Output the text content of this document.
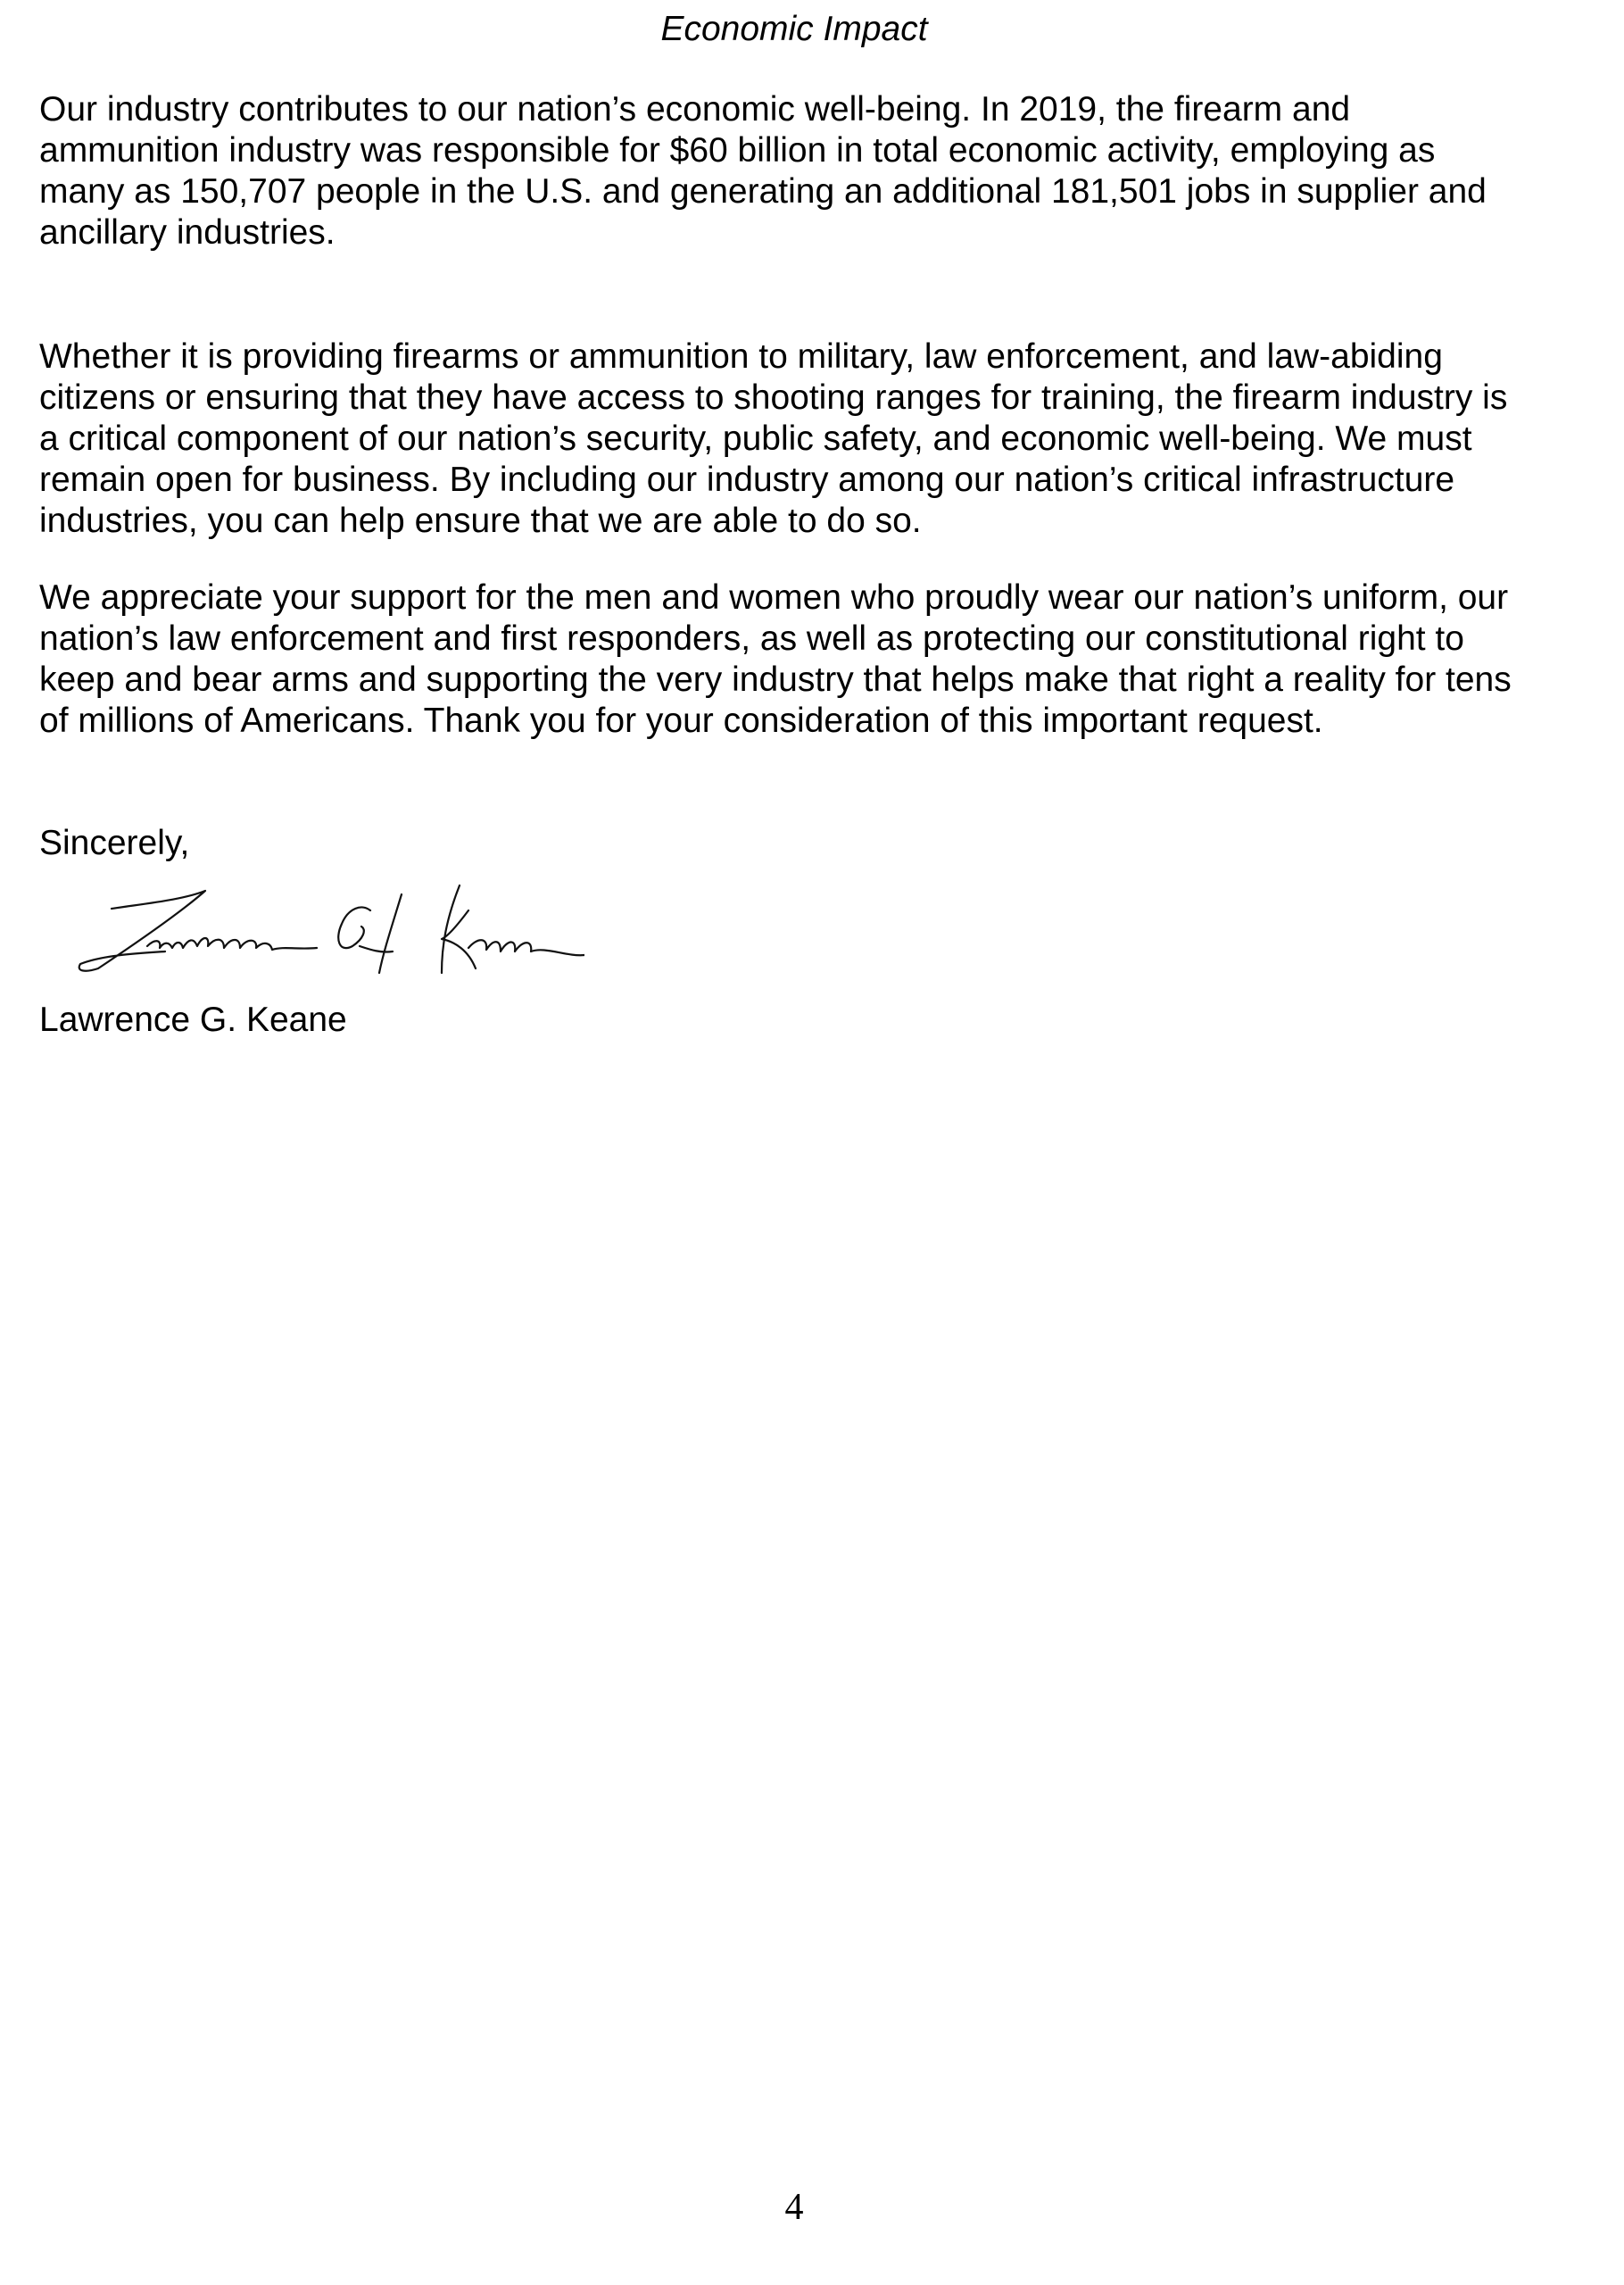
Economic Impact
Our industry contributes to our nation’s economic well-being. In 2019, the firearm and
ammunition industry was responsible for $60 billion in total economic activity, employing as
many as 150,707 people in the U.S. and generating an additional 181,501 jobs in supplier and
ancillary industries.
Whether it is providing firearms or ammunition to military, law enforcement, and law-abiding
citizens or ensuring that they have access to shooting ranges for training, the firearm industry is
a critical component of our nation’s security, public safety, and economic well-being. We must
remain open for business. By including our industry among our nation’s critical infrastructure
industries, you can help ensure that we are able to do so.
We appreciate your support for the men and women who proudly wear our nation’s uniform, our
nation’s law enforcement and first responders, as well as protecting our constitutional right to
keep and bear arms and supporting the very industry that helps make that right a reality for tens
of millions of Americans. Thank you for your consideration of this important request.
Sincerely,
Lawrence G. Keane
4
